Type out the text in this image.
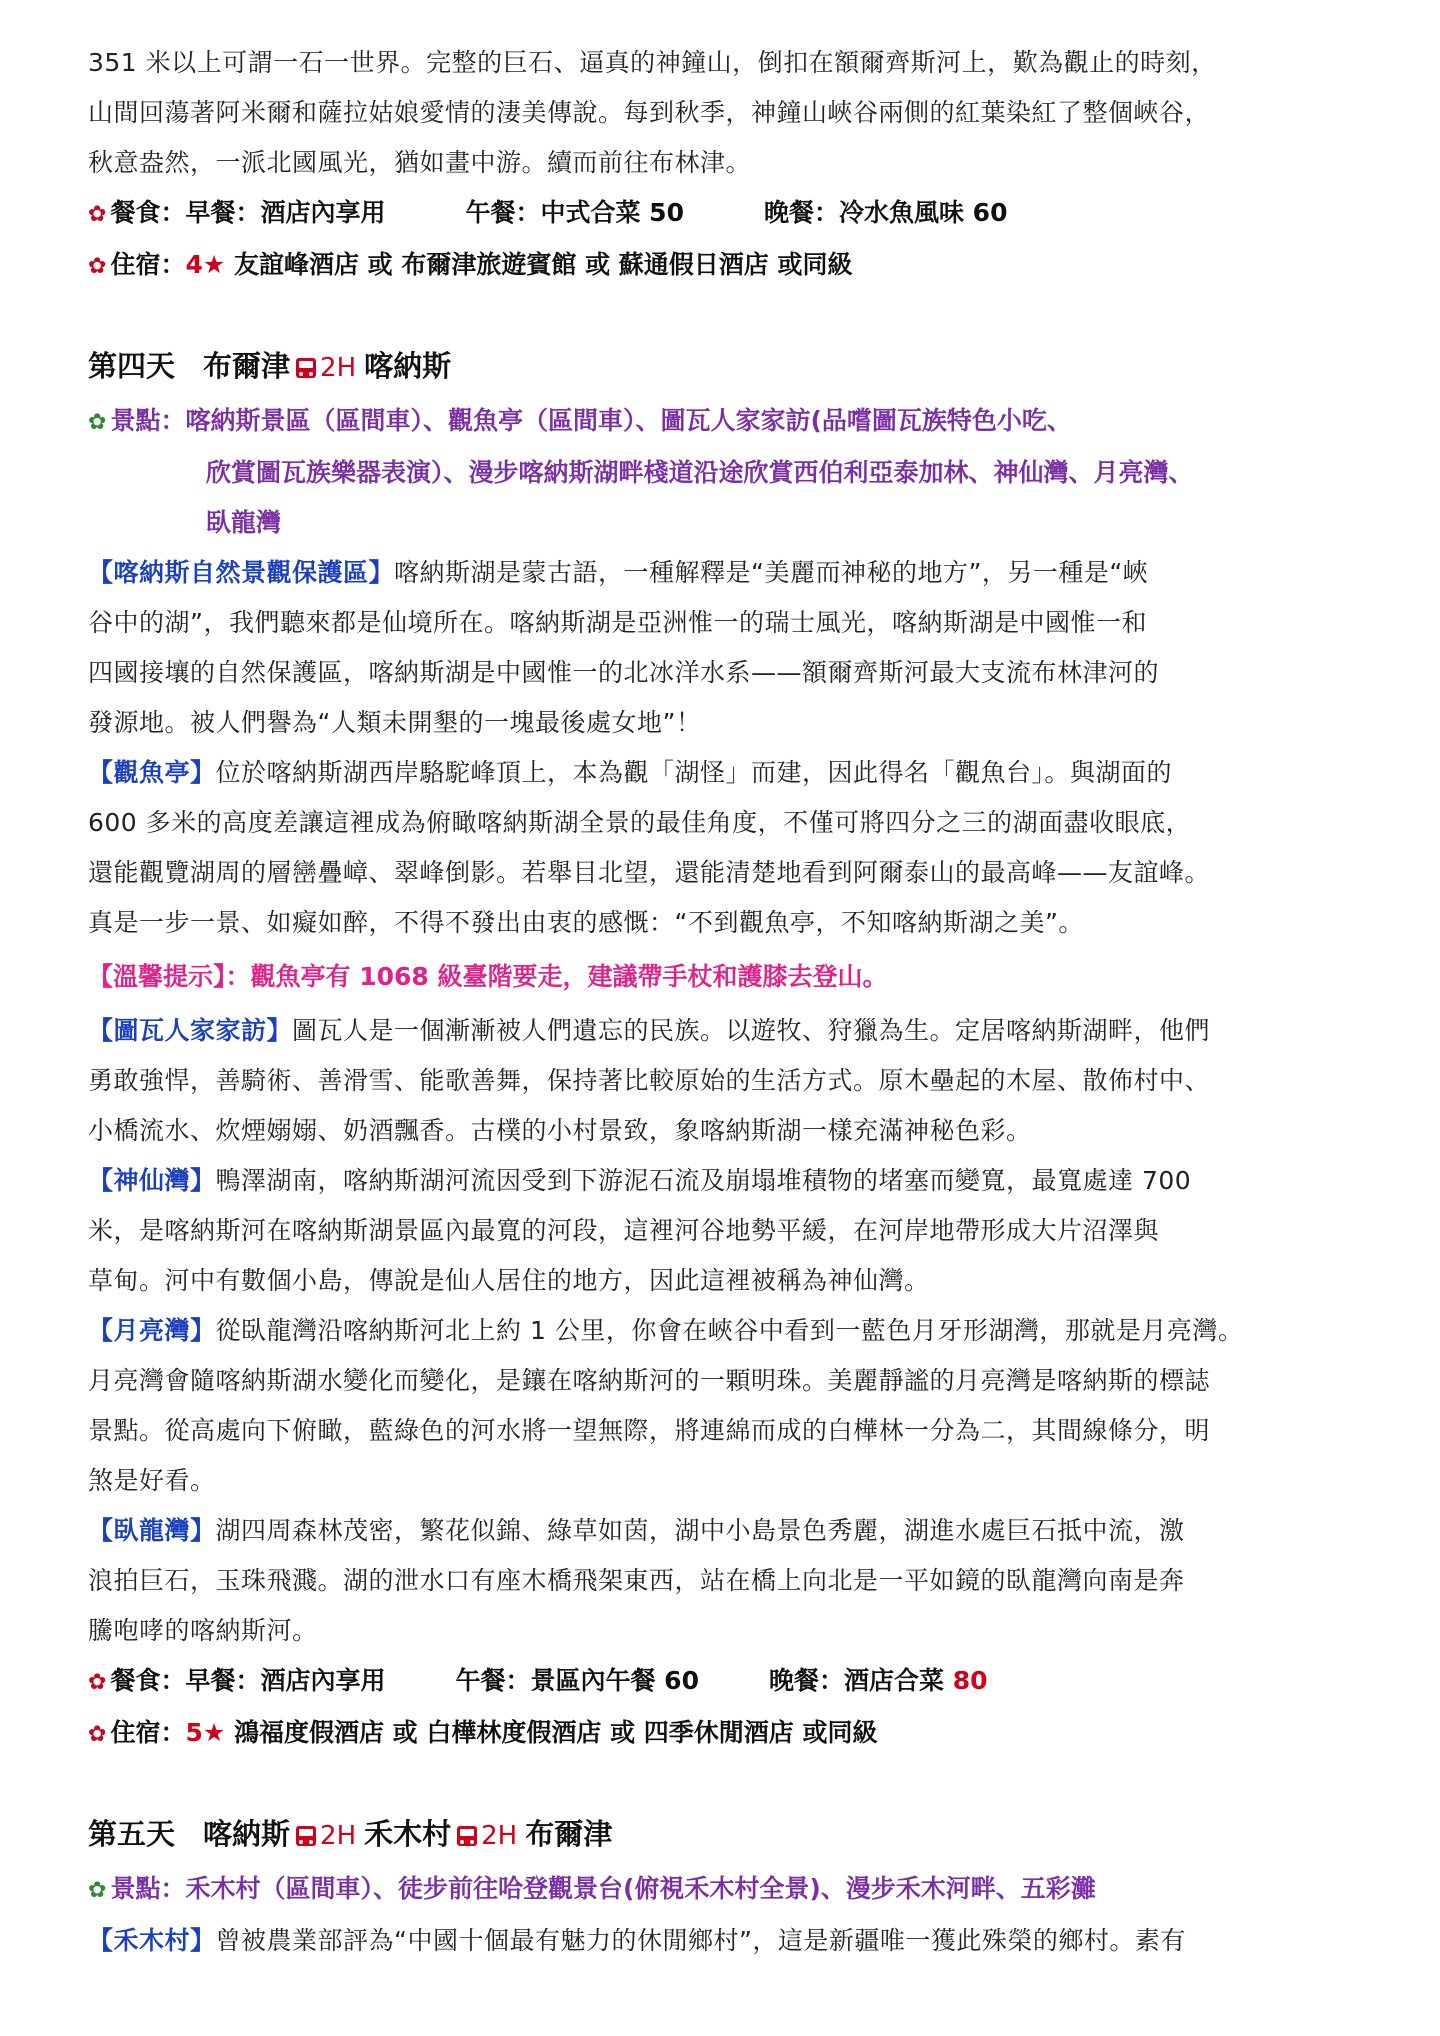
351 米以上可謂一石一世界。完整的巨石、逼真的神鐘山，倒扣在額爾齊斯河上，歎為觀止的時刻，

山間回蕩著阿米爾和薩拉姑娘愛情的淒美傳說。每到秋季，神鐘山峽谷兩側的紅葉染紅了整個峽谷，

秋意盎然，一派北國風光，猶如畫中游。續而前往布林津。

✿ 餐食：早餐：酒店內享用	午餐：中式合菜 50	晚餐：冷水魚風味 60

✿ 住宿：4★ 友誼峰酒店 或 布爾津旅遊賓館 或 蘇通假日酒店 或同級

第四天 布爾津 2H 喀納斯

✿ 景點：喀納斯景區（區間車）、觀魚亭（區間車）、圖瓦人家家訪(品嚐圖瓦族特色小吃、

欣賞圖瓦族樂器表演）、漫步喀納斯湖畔棧道沿途欣賞西伯利亞泰加林、神仙灣、月亮灣、

臥龍灣

【喀納斯自然景觀保護區】喀納斯湖是蒙古語，一種解釋是“美麗而神秘的地方”，另一種是“峽

谷中的湖”，我們聽來都是仙境所在。喀納斯湖是亞洲惟一的瑞士風光，喀納斯湖是中國惟一和

四國接壤的自然保護區，喀納斯湖是中國惟一的北冰洋水系——額爾齊斯河最大支流布林津河的

發源地。被人們譽為“人類未開墾的一塊最後處女地”！

【觀魚亭】位於喀納斯湖西岸駱駝峰頂上，本為觀「湖怪」而建，因此得名「觀魚台」。與湖面的

600 多米的高度差讓這裡成為俯瞰喀納斯湖全景的最佳角度，不僅可將四分之三的湖面盡收眼底，

還能觀覽湖周的層巒疊嶂、翠峰倒影。若舉目北望，還能清楚地看到阿爾泰山的最高峰——友誼峰。

真是一步一景、如癡如醉，不得不發出由衷的感慨：“不到觀魚亭，不知喀納斯湖之美”。

【溫馨提示】：觀魚亭有 1068 級臺階要走，建議帶手杖和護膝去登山。

【圖瓦人家家訪】圖瓦人是一個漸漸被人們遺忘的民族。以遊牧、狩獵為生。定居喀納斯湖畔，他們

勇敢強悍，善騎術、善滑雪、能歌善舞，保持著比較原始的生活方式。原木壘起的木屋、散佈村中、

小橋流水、炊煙嫋嫋、奶酒飄香。古樸的小村景致，象喀納斯湖一樣充滿神秘色彩。

【神仙灣】鴨澤湖南，喀納斯湖河流因受到下游泥石流及崩塌堆積物的堵塞而變寬，最寬處達 700

米，是喀納斯河在喀納斯湖景區內最寬的河段，這裡河谷地勢平緩，在河岸地帶形成大片沼澤與

草甸。河中有數個小島，傳說是仙人居住的地方，因此這裡被稱為神仙灣。

【月亮灣】從臥龍灣沿喀納斯河北上約 1 公里，你會在峽谷中看到一藍色月牙形湖灣，那就是月亮灣。

月亮灣會隨喀納斯湖水變化而變化，是鑲在喀納斯河的一顆明珠。美麗靜謐的月亮灣是喀納斯的標誌

景點。從高處向下俯瞰，藍綠色的河水將一望無際，將連綿而成的白樺林一分為二，其間線條分，明

煞是好看。

【臥龍灣】湖四周森林茂密，繁花似錦、綠草如茵，湖中小島景色秀麗，湖進水處巨石抵中流，激

浪拍巨石，玉珠飛濺。湖的泄水口有座木橋飛架東西，站在橋上向北是一平如鏡的臥龍灣向南是奔

騰咆哮的喀納斯河。

✿ 餐食：早餐：酒店內享用	午餐：景區內午餐 60	晚餐：酒店合菜 80

✿ 住宿：5★ 鴻福度假酒店 或 白樺林度假酒店 或 四季休閒酒店 或同級

第五天 喀納斯 2H 禾木村 2H 布爾津

✿ 景點：禾木村（區間車）、徒步前往哈登觀景台(俯視禾木村全景)、漫步禾木河畔、五彩灘

【禾木村】曾被農業部評為“中國十個最有魅力的休閒鄉村”，這是新疆唯一獲此殊榮的鄉村。素有
